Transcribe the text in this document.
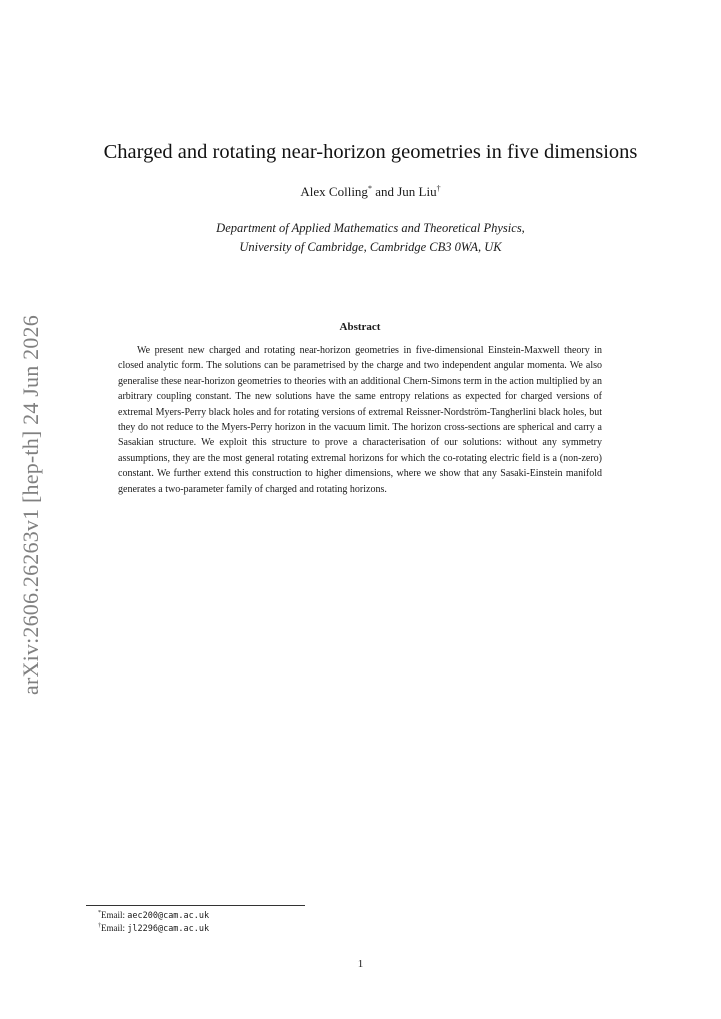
arXiv:2606.26263v1 [hep-th] 24 Jun 2026
Charged and rotating near-horizon geometries in five dimensions
Alex Colling* and Jun Liu†
Department of Applied Mathematics and Theoretical Physics,
University of Cambridge, Cambridge CB3 0WA, UK
Abstract

We present new charged and rotating near-horizon geometries in five-dimensional Einstein-Maxwell theory in closed analytic form. The solutions can be parametrised by the charge and two independent angular momenta. We also generalise these near-horizon geometries to theories with an additional Chern-Simons term in the action multiplied by an arbitrary coupling constant. The new solutions have the same entropy relations as expected for charged versions of extremal Myers-Perry black holes and for rotating versions of extremal Reissner-Nordström-Tangherlini black holes, but they do not reduce to the Myers-Perry horizon in the vacuum limit. The horizon cross-sections are spherical and carry a Sasakian structure. We exploit this structure to prove a characterisation of our solutions: without any symmetry assumptions, they are the most general rotating extremal horizons for which the co-rotating electric field is a (non-zero) constant. We further extend this construction to higher dimensions, where we show that any Sasaki-Einstein manifold generates a two-parameter family of charged and rotating horizons.

*Email: aec200@cam.ac.uk
†Email: jl2296@cam.ac.uk
1
